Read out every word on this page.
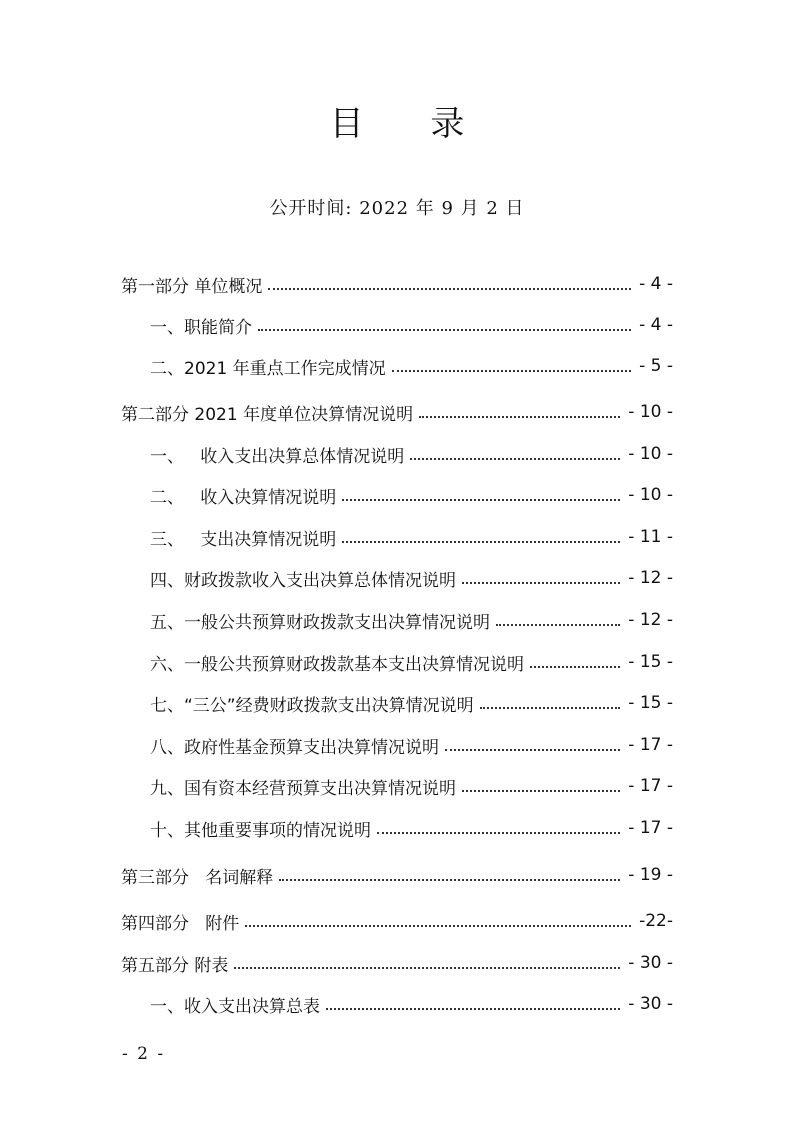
目 录
公开时间: 2022 年 9 月 2 日
第一部分 单位概况	- 4 -
一、职能简介	- 4 -
二、2021 年重点工作完成情况	- 5 -
第二部分 2021 年度单位决算情况说明	- 10 -
一、   收入支出决算总体情况说明	- 10 -
二、   收入决算情况说明	- 10 -
三、   支出决算情况说明	- 11 -
四、财政拨款收入支出决算总体情况说明	- 12 -
五、一般公共预算财政拨款支出决算情况说明	- 12 -
六、一般公共预算财政拨款基本支出决算情况说明	- 15 -
七、“三公”经费财政拨款支出决算情况说明	- 15 -
八、政府性基金预算支出决算情况说明	- 17 -
九、国有资本经营预算支出决算情况说明	- 17 -
十、其他重要事项的情况说明	- 17 -
第三部分   名词解释	- 19 -
第四部分   附件	-22-
第五部分 附表	- 30 -
一、收入支出决算总表	- 30 -
- 2 -
